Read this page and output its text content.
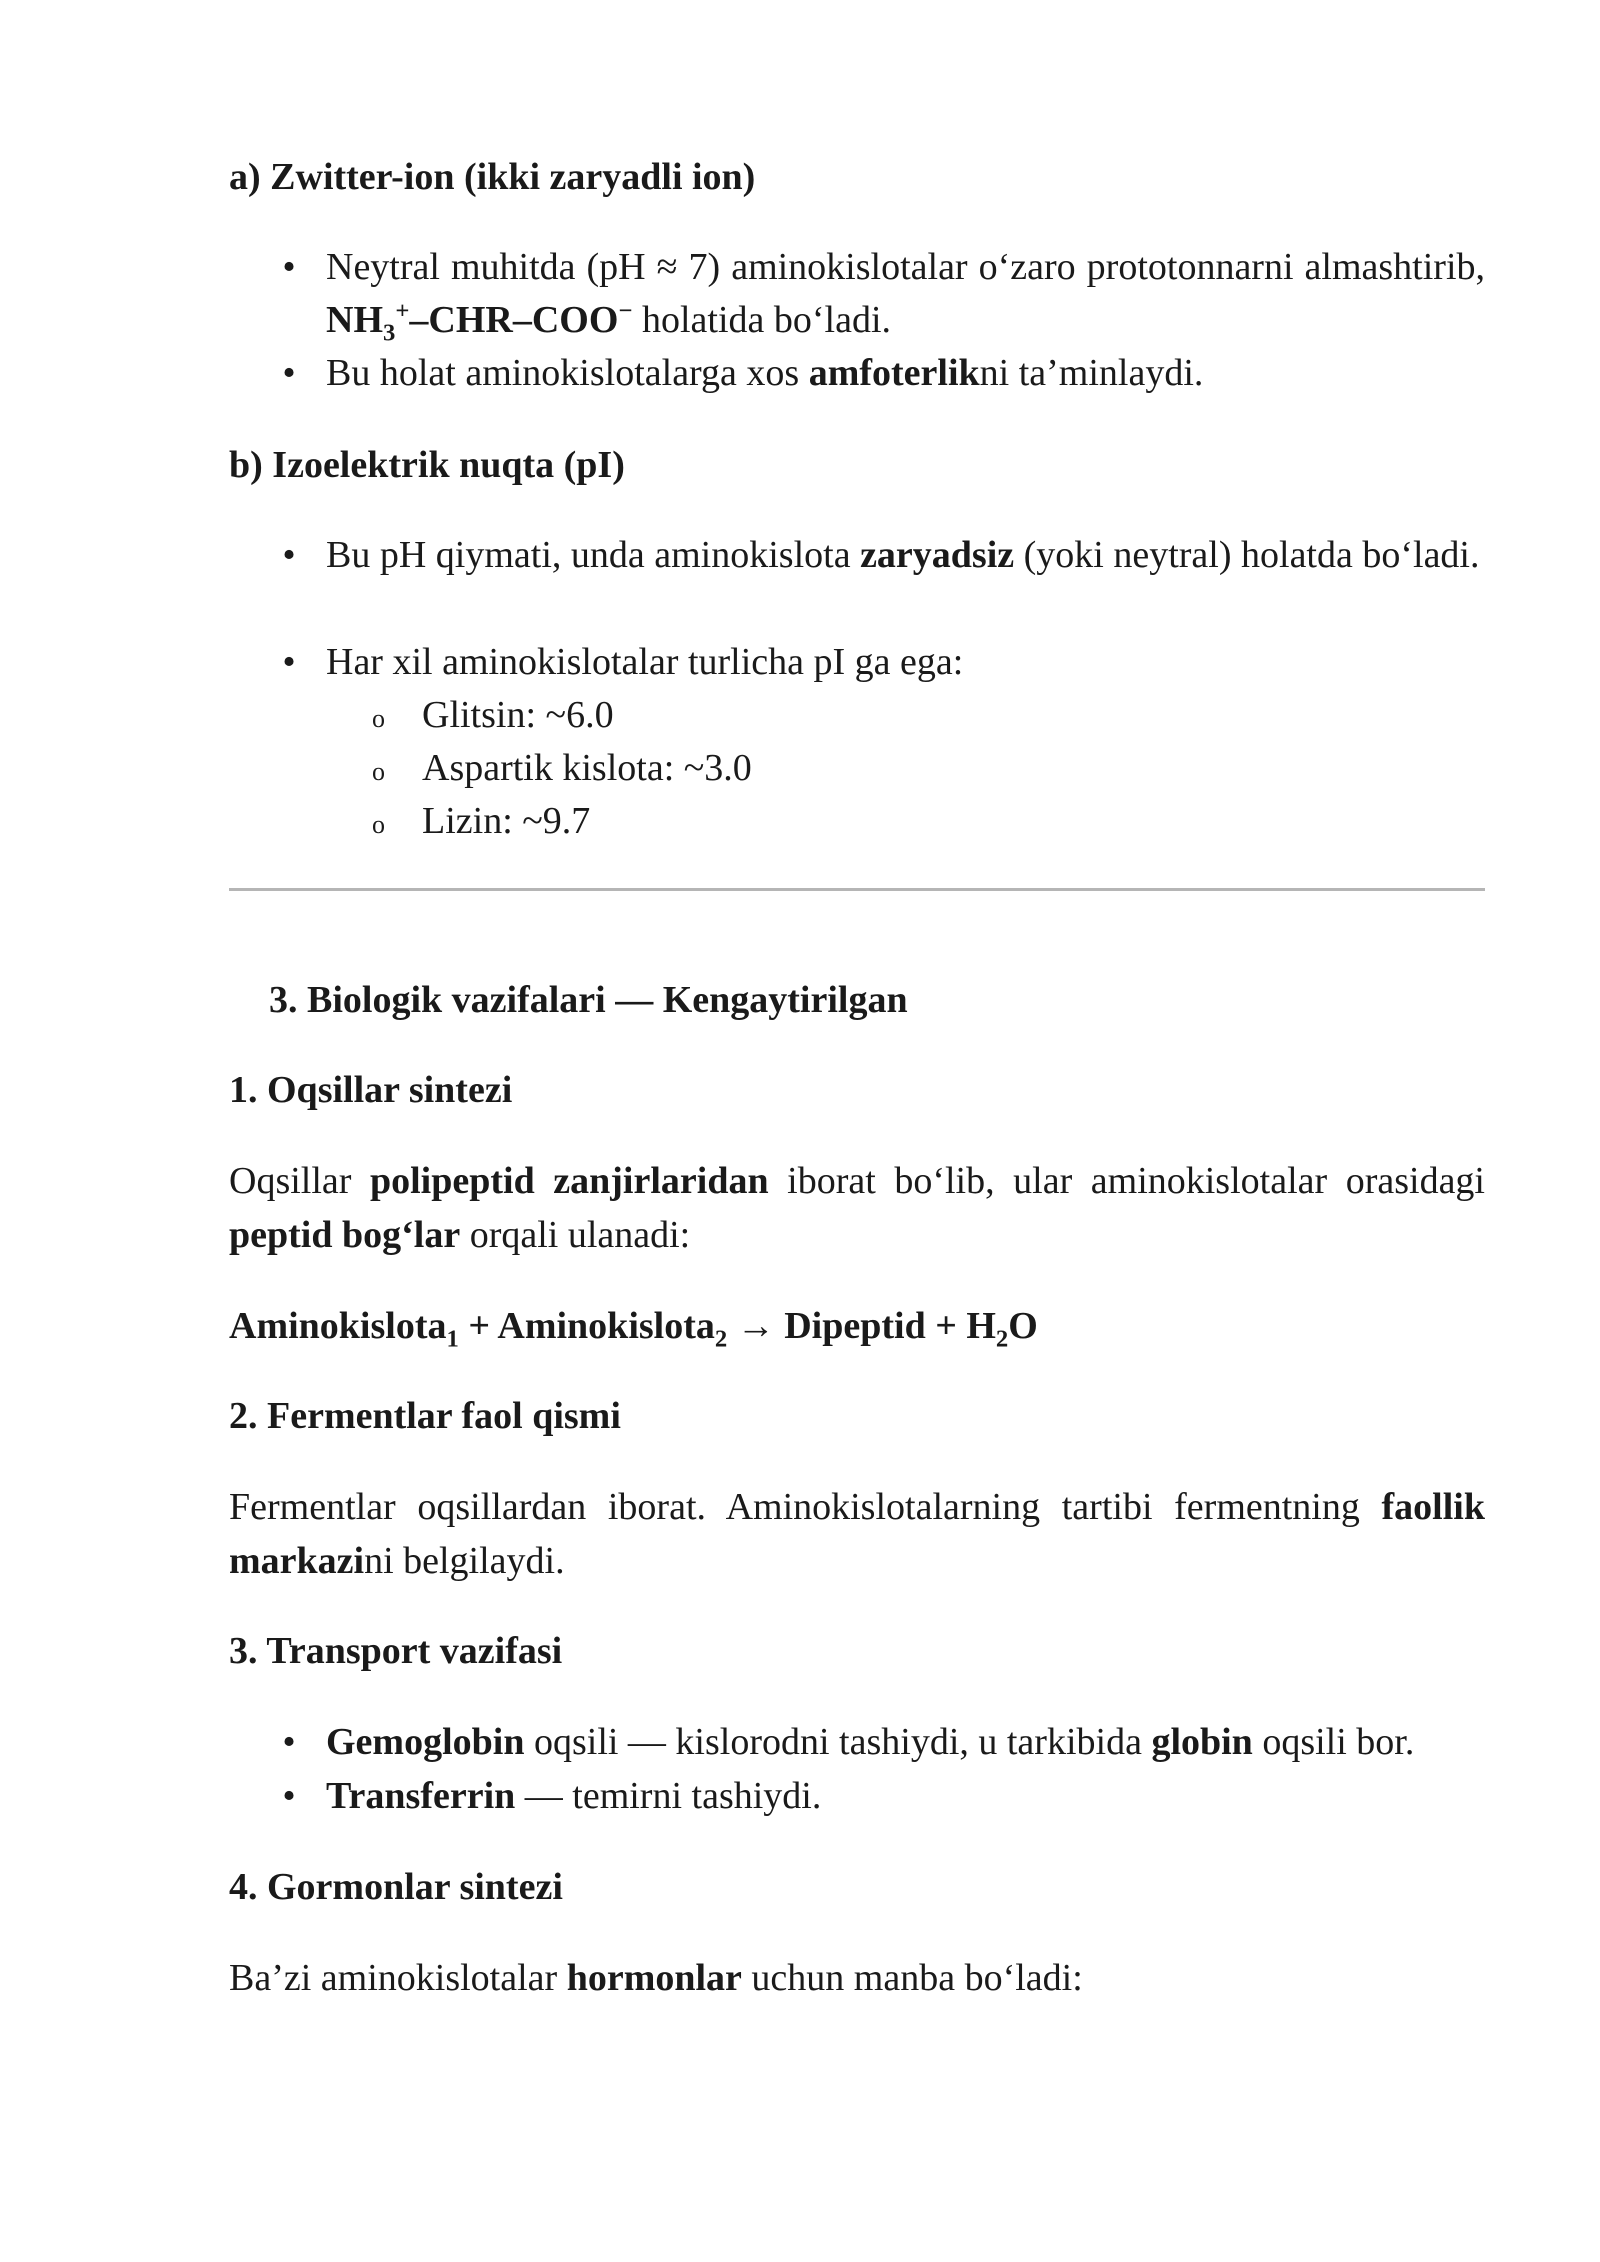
a) Zwitter-ion (ikki zaryadli ion)
• Neytral muhitda (pH ≈ 7) aminokislotalar o‘zaro prototonnarni almashtirib, $NH_3^+-CHR-COO^-$ holatida bo‘ladi.
• Bu holat aminokislotalarga xos amfoterlikni ta’minlaydi.
b) Izoelektrik nuqta (pI)
• Bu pH qiymati, unda aminokislota zaryadsiz (yoki neytral) holatda bo‘ladi.
• Har xil aminokislotalar turlicha pI ga ega:
o Glitsin: ~6.0
o Aspartik kislota: ~3.0
o Lizin: ~9.7
3. Biologik vazifalari — Kengaytirilgan
1. Oqsillar sintezi
Oqsillar polipeptid zanjirlaridan iborat bo‘lib, ular aminokislotalar orasidagi peptid bog‘lar orqali ulanadi:
Aminokislota$_1$ + Aminokislota$_2$ → Dipeptid + $H_2O$
2. Fermentlar faol qismi
Fermentlar oqsillardan iborat. Aminokislotalarning tartibi fermentning faollik markazini belgilaydi.
3. Transport vazifasi
• Gemoglobin oqsili — kislorodni tashiydi, u tarkibida globin oqsili bor.
• Transferrin — temirni tashiydi.
4. Gormonlar sintezi
Ba’zi aminokislotalar hormonlar uchun manba bo‘ladi:
